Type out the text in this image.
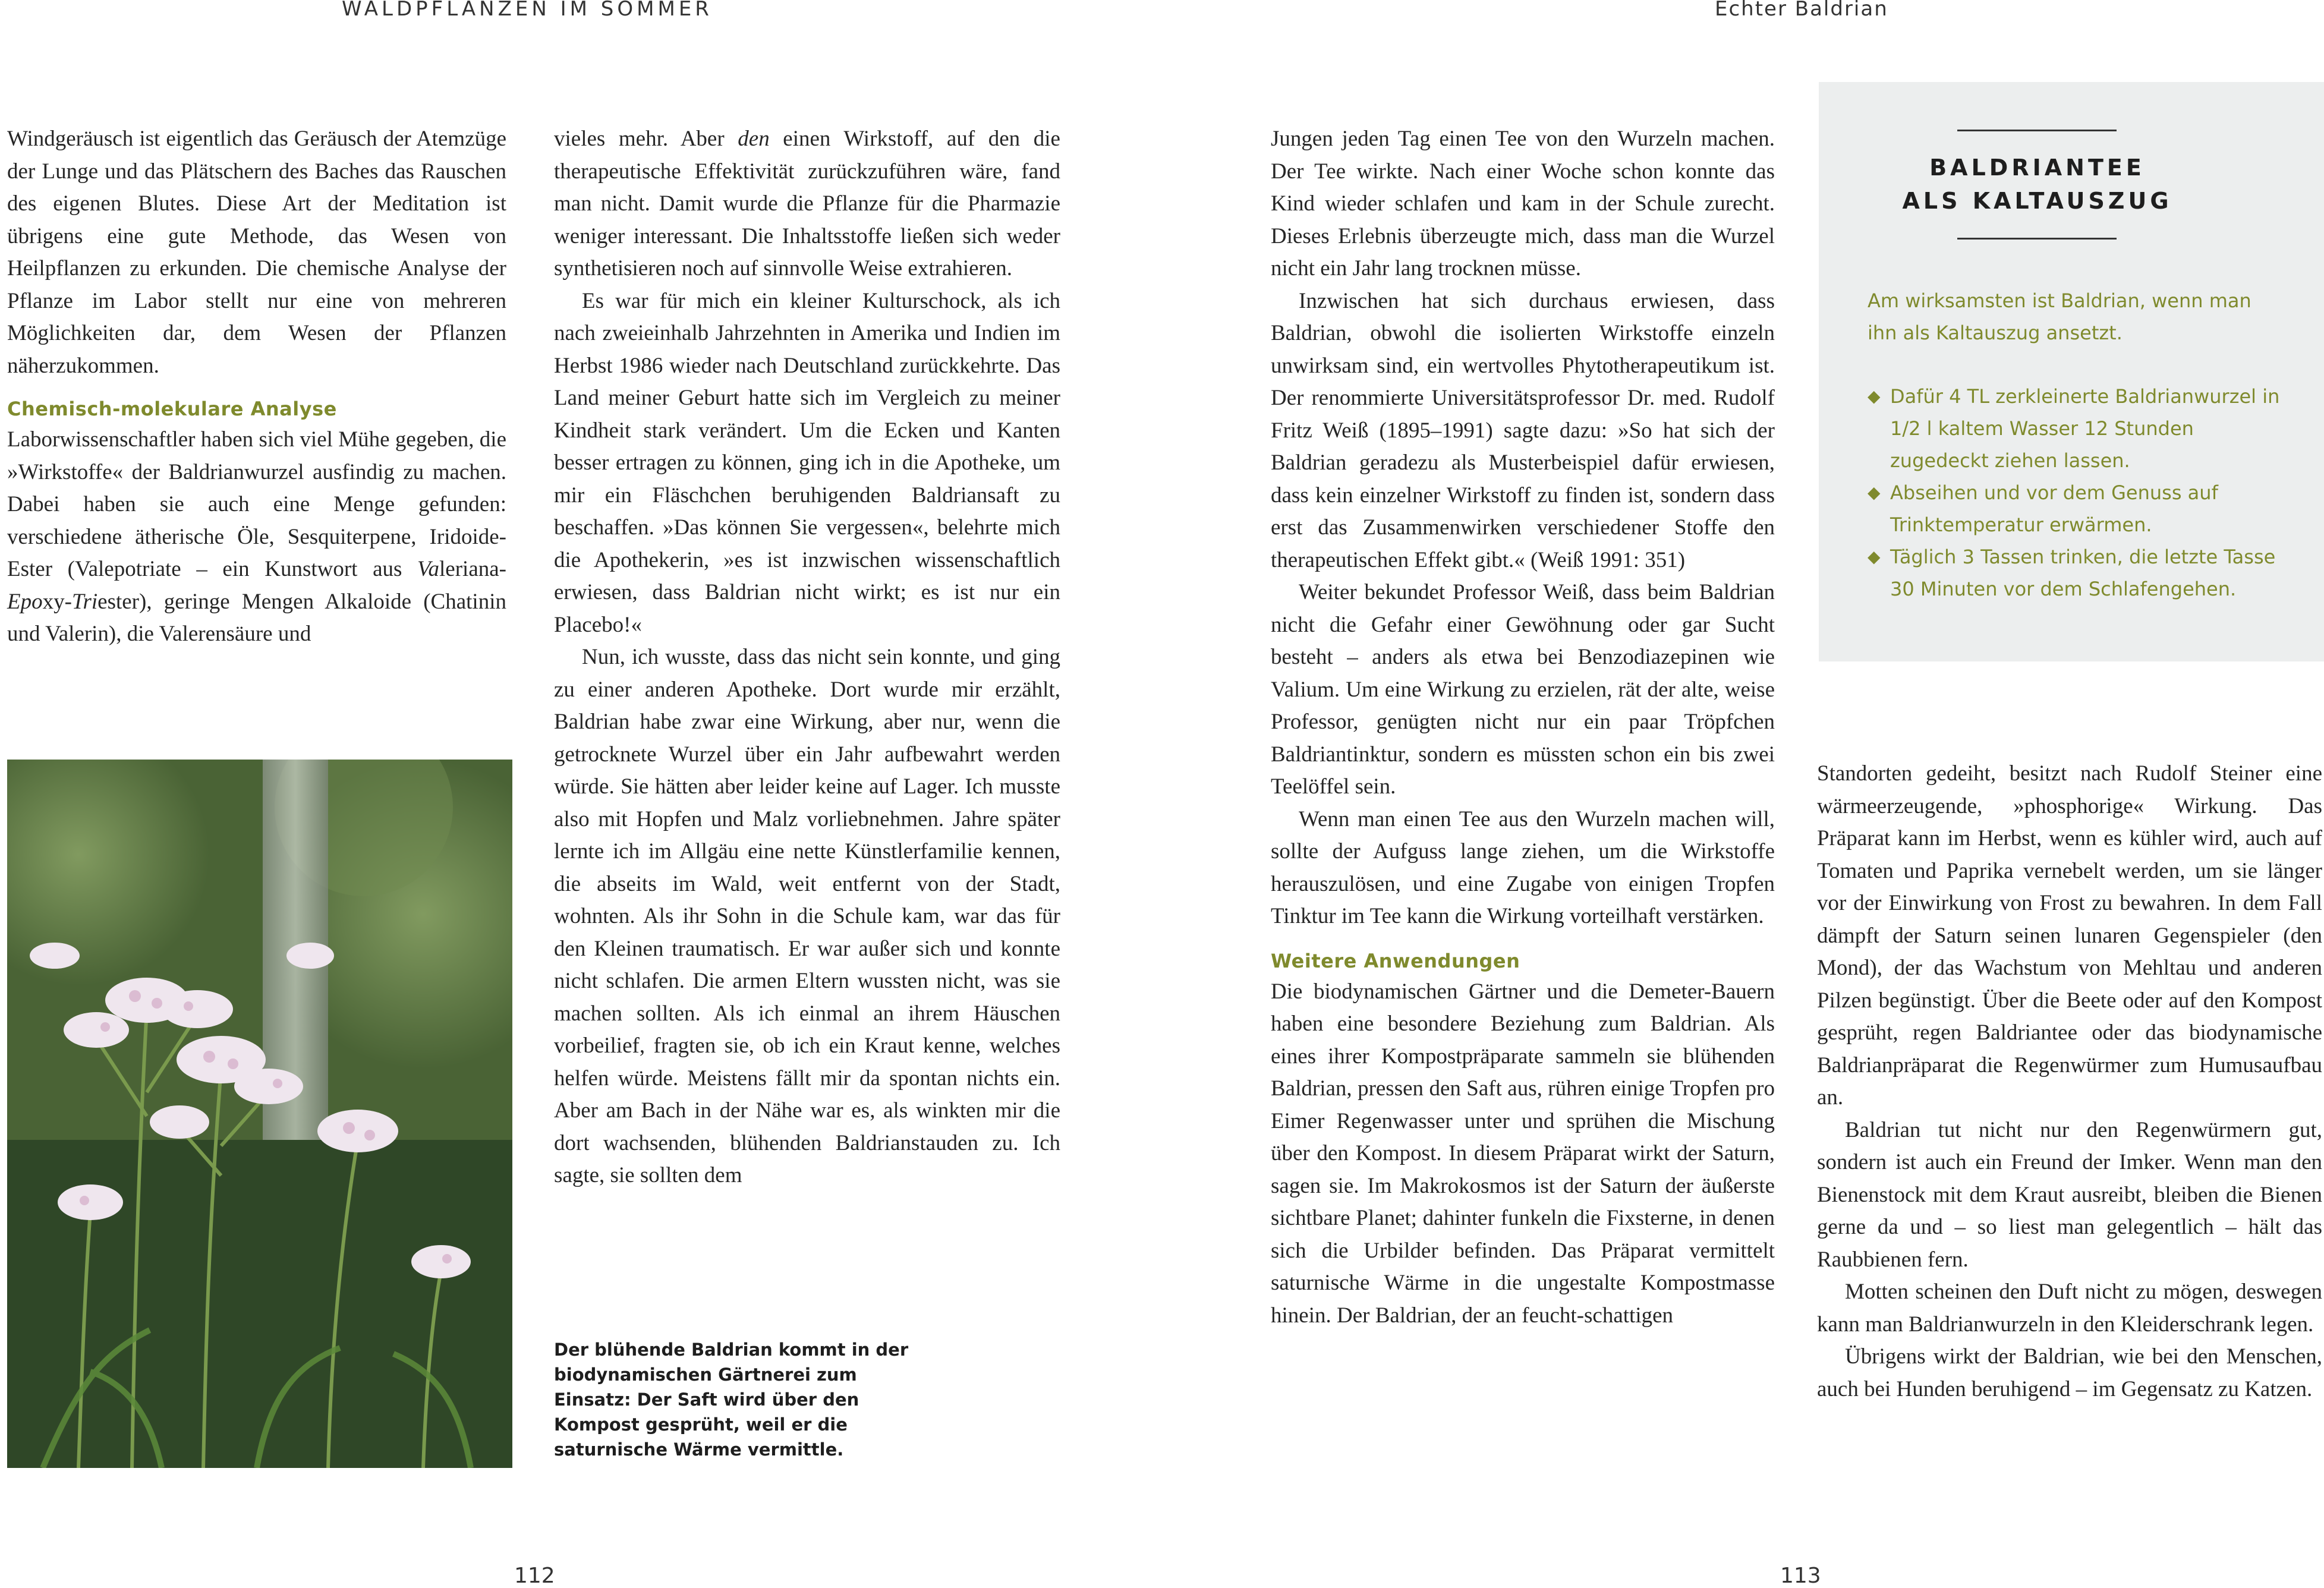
WALDPFLANZEN IM SOMMER	Echter Baldrian

Windgeräusch ist eigentlich das Geräusch der Atemzüge der Lunge und das Plätschern des Baches das Rauschen des eigenen Blutes. Diese Art der Meditation ist übrigens eine gute Methode, das Wesen von Heilpflanzen zu erkunden. Die chemische Analyse der Pflanze im Labor stellt nur eine von mehreren Möglichkeiten dar, dem Wesen der Pflanzen näherzukommen.

Chemisch-molekulare Analyse

Laborwissenschaftler haben sich viel Mühe gegeben, die »Wirkstoffe« der Baldrianwurzel ausfindig zu machen. Dabei haben sie auch eine Menge gefunden: verschiedene ätherische Öle, Sesquiterpene, Iridoide-Ester (Valepotriate – ein Kunstwort aus Valeriana-Epoxy-Triester), geringe Mengen Alkaloide (Chatinin und Valerin), die Valerensäure und

vieles mehr. Aber den einen Wirkstoff, auf den die therapeutische Effektivität zurückzuführen wäre, fand man nicht. Damit wurde die Pflanze für die Pharmazie weniger interessant. Die Inhaltsstoffe ließen sich weder synthetisieren noch auf sinnvolle Weise extrahieren.

Es war für mich ein kleiner Kulturschock, als ich nach zweieinhalb Jahrzehnten in Amerika und Indien im Herbst 1986 wieder nach Deutschland zurückkehrte. Das Land meiner Geburt hatte sich im Vergleich zu meiner Kindheit stark verändert. Um die Ecken und Kanten besser ertragen zu können, ging ich in die Apotheke, um mir ein Fläschchen beruhigenden Baldriansaft zu beschaffen. »Das können Sie vergessen«, belehrte mich die Apothekerin, »es ist inzwischen wissenschaftlich erwiesen, dass Baldrian nicht wirkt; es ist nur ein Placebo!«

Nun, ich wusste, dass das nicht sein konnte, und ging zu einer anderen Apotheke. Dort wurde mir erzählt, Baldrian habe zwar eine Wirkung, aber nur, wenn die getrocknete Wurzel über ein Jahr aufbewahrt werden würde. Sie hätten aber leider keine auf Lager. Ich musste also mit Hopfen und Malz vorliebnehmen. Jahre später lernte ich im Allgäu eine nette Künstlerfamilie kennen, die abseits im Wald, weit entfernt von der Stadt, wohnten. Als ihr Sohn in die Schule kam, war das für den Kleinen traumatisch. Er war außer sich und konnte nicht schlafen. Die armen Eltern wussten nicht, was sie machen sollten. Als ich einmal an ihrem Häuschen vorbeilief, fragten sie, ob ich ein Kraut kenne, welches helfen würde. Meistens fällt mir da spontan nichts ein. Aber am Bach in der Nähe war es, als winkten mir die dort wachsenden, blühenden Baldrianstauden zu. Ich sagte, sie sollten dem

Der blühende Baldrian kommt in der biodynamischen Gärtnerei zum Einsatz: Der Saft wird über den Kompost gesprüht, weil er die saturnische Wärme vermittle.

Jungen jeden Tag einen Tee von den Wurzeln machen. Der Tee wirkte. Nach einer Woche schon konnte das Kind wieder schlafen und kam in der Schule zurecht. Dieses Erlebnis überzeugte mich, dass man die Wurzel nicht ein Jahr lang trocknen müsse.

Inzwischen hat sich durchaus erwiesen, dass Baldrian, obwohl die isolierten Wirkstoffe einzeln unwirksam sind, ein wertvolles Phytotherapeutikum ist. Der renommierte Universitätsprofessor Dr. med. Rudolf Fritz Weiß (1895–1991) sagte dazu: »So hat sich der Baldrian geradezu als Musterbeispiel dafür erwiesen, dass kein einzelner Wirkstoff zu finden ist, sondern dass erst das Zusammenwirken verschiedener Stoffe den therapeutischen Effekt gibt.« (Weiß 1991: 351)

Weiter bekundet Professor Weiß, dass beim Baldrian nicht die Gefahr einer Gewöhnung oder gar Sucht besteht – anders als etwa bei Benzodiazepinen wie Valium. Um eine Wirkung zu erzielen, rät der alte, weise Professor, genügten nicht nur ein paar Tröpfchen Baldriantinktur, sondern es müssten schon ein bis zwei Teelöffel sein.

Wenn man einen Tee aus den Wurzeln machen will, sollte der Aufguss lange ziehen, um die Wirkstoffe herauszulösen, und eine Zugabe von einigen Tropfen Tinktur im Tee kann die Wirkung vorteilhaft verstärken.

Weitere Anwendungen

Die biodynamischen Gärtner und die Demeter-Bauern haben eine besondere Beziehung zum Baldrian. Als eines ihrer Kompostpräparate sammeln sie blühenden Baldrian, pressen den Saft aus, rühren einige Tropfen pro Eimer Regenwasser unter und sprühen die Mischung über den Kompost. In diesem Präparat wirkt der Saturn, sagen sie. Im Makrokosmos ist der Saturn der äußerste sichtbare Planet; dahinter funkeln die Fixsterne, in denen sich die Urbilder befinden. Das Präparat vermittelt saturnische Wärme in die ungestalte Kompostmasse hinein. Der Baldrian, der an feucht-schattigen

BALDRIANTEE
ALS KALTAUSZUG
Am wirksamsten ist Baldrian, wenn man ihn als Kaltauszug ansetzt.
◆ Dafür 4 TL zerkleinerte Baldrianwurzel in 1/2 l kaltem Wasser 12 Stunden zugedeckt ziehen lassen.
◆ Abseihen und vor dem Genuss auf Trinktemperatur erwärmen.
◆ Täglich 3 Tassen trinken, die letzte Tasse 30 Minuten vor dem Schlafengehen.

Standorten gedeiht, besitzt nach Rudolf Steiner eine wärmeerzeugende, »phosphorige« Wirkung. Das Präparat kann im Herbst, wenn es kühler wird, auch auf Tomaten und Paprika vernebelt werden, um sie länger vor der Einwirkung von Frost zu bewahren. In dem Fall dämpft der Saturn seinen lunaren Gegenspieler (den Mond), der das Wachstum von Mehltau und anderen Pilzen begünstigt. Über die Beete oder auf den Kompost gesprüht, regen Baldriantee oder das biodynamische Baldrianpräparat die Regenwürmer zum Humusaufbau an.

Baldrian tut nicht nur den Regenwürmern gut, sondern ist auch ein Freund der Imker. Wenn man den Bienenstock mit dem Kraut ausreibt, bleiben die Bienen gerne da und – so liest man gelegentlich – hält das Raubbienen fern.

Motten scheinen den Duft nicht zu mögen, deswegen kann man Baldrianwurzeln in den Kleiderschrank legen.

Übrigens wirkt der Baldrian, wie bei den Menschen, auch bei Hunden beruhigend – im Gegensatz zu Katzen.

112	113
